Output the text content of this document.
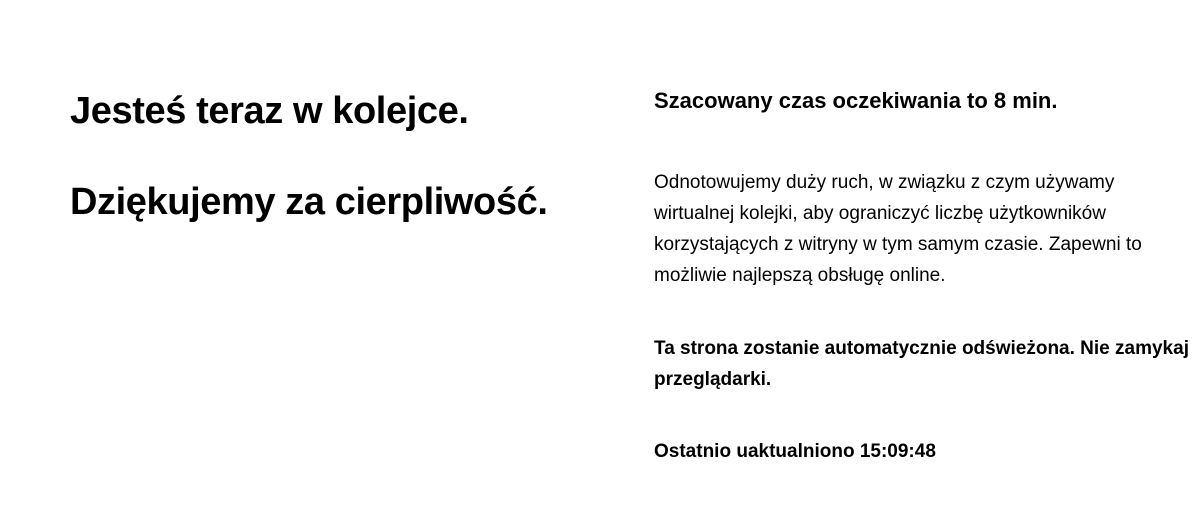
Jesteś teraz w kolejce.
Dziękujemy za cierpliwość.

Szacowany czas oczekiwania to 8 min.

Odnotowujemy duży ruch, w związku z czym używamy wirtualnej kolejki, aby ograniczyć liczbę użytkowników korzystających z witryny w tym samym czasie. Zapewni to możliwie najlepszą obsługę online.

Ta strona zostanie automatycznie odświeżona. Nie zamykaj przeglądarki.

Ostatnio uaktualniono 15:09:48
